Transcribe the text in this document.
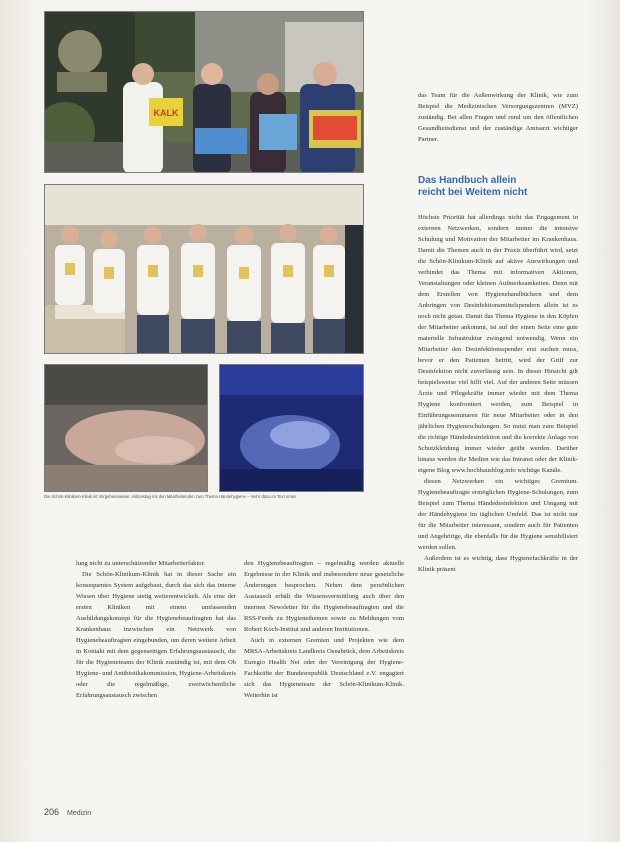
KALK
Die Schön-Klinikum-Klinik ist Vorgehensweise: Aktionstag mit den Mitarbeitenden zum Thema Händehygiene – mehr dazu im Text unten

das Team für die Außenwirkung der Klinik, wie zum Beispiel die Medizinischen Versorgungszentren (MVZ) zuständig. Bei allen Fragen und rund um den öffentlichen Gesundheitsdienst und der zuständige Amtsarzt wichtiger Partner.

Das Handbuch allein
reicht bei Weitem nicht

Höchste Priorität hat allerdings nicht das Engagement in externen Netzwerken, sondern immer die intensive Schulung und Motivation der Mitarbeiter im Krankenhaus. Damit die Themen auch in der Praxis überführt wird, setzt die Schön-Klinikum-Klinik auf aktive Auswirkungen und verbindet das Thema mit informativen Aktionen, Veranstaltungen oder kleinen Aufmerksamkeiten. Denn mit dem Erstellen von Hygienehandbüchern und dem Anbringen von Desinfektionsmittelspendern allein ist es noch nicht getan. Damit das Thema Hygiene in den Köpfen der Mitarbeiter ankommt, ist auf der einen Seite eine gute materielle Infrastruktur zwingend notwendig. Wenn ein Mitarbeiter den Desinfektionsspender erst suchen muss, bevor er den Patienten betritt, wird der Griff zur Desinfektion nicht zuverlässig sein. In dieser Hinsicht gilt beispielsweise viel hilft viel. Auf der anderen Seite müssen Ärzte und Pflegekräfte immer wieder mit dem Thema Hygiene konfrontiert werden, zum Beispiel in Einführungsseminaren für neue Mitarbeiter oder in den jährlichen Hygieneschulungen. So nutzt man zum Beispiel die richtige Händedesinfektion und die korrekte Anlage von Schutzkleidung immer wieder geübt werden. Darüber hinaus werden die Medien wie das Intranet oder der Klinik-eigene Blog www.hochhausblog.info wichtige Kanäle.

diesen Netzwerken ein wichtiges Gremium. Hygienebeauftragte ermöglichen Hygiene-Schulungen, zum Beispiel zum Thema Händedesinfektion und Umgang mit der Händehygiene im täglichen Umfeld. Das ist nicht nur für die Mitarbeiter interessant, sondern auch für Patienten und Angehörige, die ebenfalls für die Hygiene sensibilisiert werden sollen.

Außerdem ist es wichtig, dass Hygienefachkräfte in der Klinik präsent

lung nicht zu unterschätzender Mitarbeiterfaktor.

Die Schön-Klinikum-Klinik hat in dieser Sache ein konsequentes System aufgebaut, durch das sich das interne Wissen über Hygiene stetig weiterentwickelt. Als eine der ersten Kliniken mit einem umfassenden Ausbildungskonzept für die Hygienebeauftragten hat das Krankenhaus inzwischen ein Netzwerk von Hygienebeauftragten eingebunden, um deren weitere Arbeit in Kontakt mit dem gegenseitigen Erfahrungsaustausch, die für die Hygieneteams der Klinik zuständig ist, mit dem Ob Hygiene- und Antibiotikakommission, Hygiene-Arbeitskreis oder die regelmäßige, zweiwöchentliche Erfahrungsaustausch zwischen

den Hygienebeauftragten – regelmäßig werden aktuelle Ergebnisse in der Klinik und insbesondere neue gesetzliche Änderungen besprochen. Neben dem persönlichen Austausch erhält die Wissensvermittlung auch über den internen Newsletter für die Hygienebeauftragten und die RSS-Feeds zu Hygienethemen sowie zu Meldungen vom Robert Koch-Institut und anderen Institutionen.

Auch in externen Gremien und Projekten wie dem MRSA-Arbeitskreis Landkreis Osnabrück, dem Arbeitskreis Euregio Health Net oder der Vereinigung der Hygiene-Fachkräfte der Bundesrepublik Deutschland e.V. engagiert sich das Hygieneteam der Schön-Klinikum-Klinik. Weiterhin ist

206 Medizin
